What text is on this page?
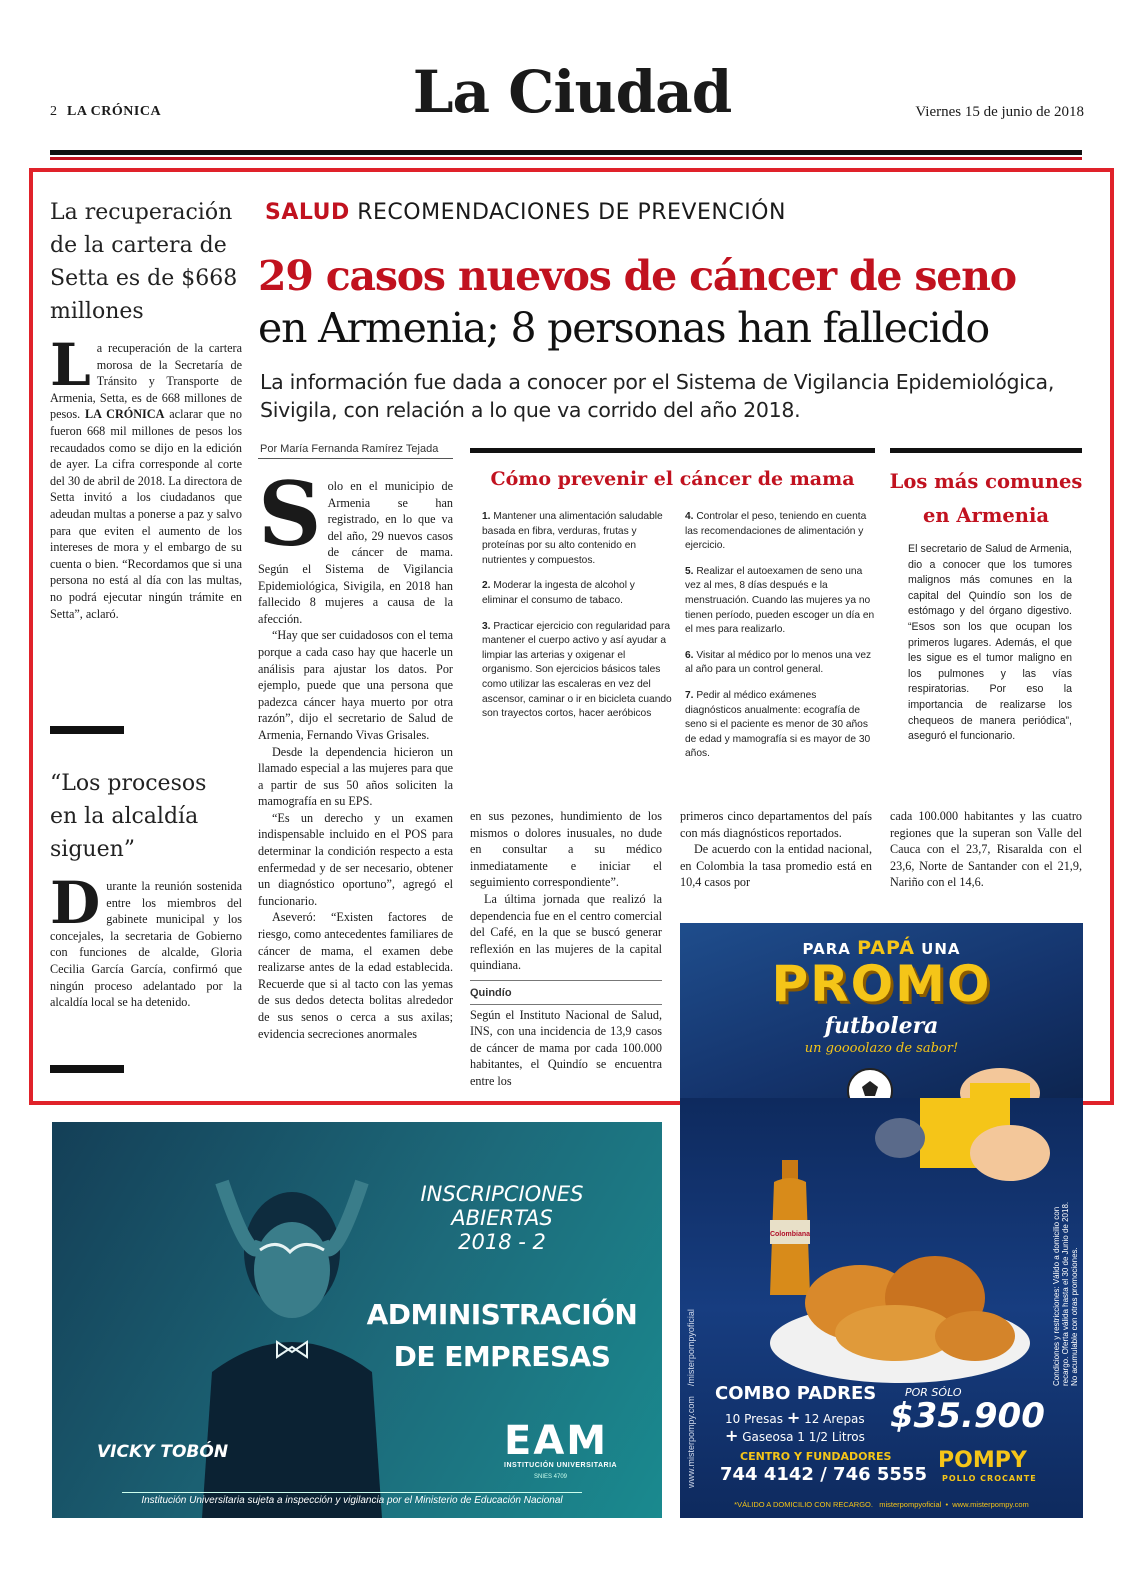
2 LA CRÓNICA	La Ciudad	Viernes 15 de junio de 2018
La recuperación de la cartera de Setta es de $668 millones
La recuperación de la cartera morosa de la Secretaría de Tránsito y Transporte de Armenia, Setta, es de 668 millones de pesos. LA CRÓNICA aclarar que no fueron 668 mil millones de pesos los recaudados como se dijo en la edición de ayer. La cifra corresponde al corte del 30 de abril de 2018. La directora de Setta invitó a los ciudadanos que adeudan multas a ponerse a paz y salvo para que eviten el aumento de los intereses de mora y el embargo de su cuenta o bien. “Recordamos que si una persona no está al día con las multas, no podrá ejecutar ningún trámite en Setta”, aclaró.
“Los procesos en la alcaldía siguen”
Durante la reunión sostenida entre los miembros del gabinete municipal y los concejales, la secretaria de Gobierno con funciones de alcalde, Gloria Cecilia García García, confirmó que ningún proceso adelantado por la alcaldía local se ha detenido.
SALUD RECOMENDACIONES DE PREVENCIÓN
29 casos nuevos de cáncer de seno
en Armenia; 8 personas han fallecido
La información fue dada a conocer por el Sistema de Vigilancia Epidemiológica, Sivigila, con relación a lo que va corrido del año 2018.
Por María Fernanda Ramírez Tejada
Solo en el municipio de Armenia se han registrado, en lo que va del año, 29 nuevos casos de cáncer de mama. Según el Sistema de Vigilancia Epidemiológica, Sivigila, en 2018 han fallecido 8 mujeres a causa de la afección.
“Hay que ser cuidadosos con el tema porque a cada caso hay que hacerle un análisis para ajustar los datos. Por ejemplo, puede que una persona que padezca cáncer haya muerto por otra razón”, dijo el secretario de Salud de Armenia, Fernando Vivas Grisales.
Desde la dependencia hicieron un llamado especial a las mujeres para que a partir de sus 50 años soliciten la mamografía en su EPS.
“Es un derecho y un examen indispensable incluido en el POS para determinar la condición respecto a esta enfermedad y de ser necesario, obtener un diagnóstico oportuno”, agregó el funcionario.
Aseveró: “Existen factores de riesgo, como antecedentes familiares de cáncer de mama, el examen debe realizarse antes de la edad establecida. Recuerde que si al tacto con las yemas de sus dedos detecta bolitas alrededor de sus senos o cerca a sus axilas; evidencia secreciones anormales
Cómo prevenir el cáncer de mama

1. Mantener una alimentación saludable basada en fibra, verduras, frutas y proteínas por su alto contenido en nutrientes y compuestos.

2. Moderar la ingesta de alcohol y eliminar el consumo de tabaco.

3. Practicar ejercicio con regularidad para mantener el cuerpo activo y así ayudar a limpiar las arterias y oxigenar el organismo. Son ejercicios básicos tales como utilizar las escaleras en vez del ascensor, caminar o ir en bicicleta cuando son trayectos cortos, hacer aeróbicos

4. Controlar el peso, teniendo en cuenta las recomendaciones de alimentación y ejercicio.

5. Realizar el autoexamen de seno una vez al mes, 8 días después e la menstruación. Cuando las mujeres ya no tienen período, pueden escoger un día en el mes para realizarlo.

6. Visitar al médico por lo menos una vez al año para un control general.

7. Pedir al médico exámenes diagnósticos anualmente: ecografía de seno si el paciente es menor de 30 años de edad y mamografía si es mayor de 30 años.

Los más comunes en Armenia
El secretario de Salud de Armenia, dio a conocer que los tumores malignos más comunes en la capital del Quindío son los de estómago y del órgano digestivo. “Esos son los que ocupan los primeros lugares. Además, el que les sigue es el tumor maligno en los pulmones y las vías respiratorias. Por eso la importancia de realizarse los chequeos de manera periódica”, aseguró el funcionario.
en sus pezones, hundimiento de los mismos o dolores inusuales, no dude en consultar a su médico inmediatamente e iniciar el seguimiento correspondiente”.
La última jornada que realizó la dependencia fue en el centro comercial del Café, en la que se buscó generar reflexión en las mujeres de la capital quindiana.
Quindío
Según el Instituto Nacional de Salud, INS, con una incidencia de 13,9 casos de cáncer de mama por cada 100.000 habitantes, el Quindío se encuentra entre los
primeros cinco departamentos del país con más diagnósticos reportados.
De acuerdo con la entidad nacional, en Colombia la tasa promedio está en 10,4 casos por
cada 100.000 habitantes y las cuatro regiones que la superan son Valle del Cauca con el 23,7, Risaralda con el 23,6, Norte de Santander con el 21,9, Nariño con el 14,6.
PARA PAPÁ UNA
PROMO
futbolera
un goooolazo de sabor!
www.misterpompy.com    /misterpompyoficial	Condiciones y restricciones: Válido a domicilio con recargo. Oferta válida hasta el 30 de Junio de 2018. No acumulable con otras promociones.
Colombiana
COMBO PADRES
10 Presas + 12 Arepas
+ Gaseosa 1 1/2 Litros
POR SÓLO
$35.900
CENTRO Y FUNDADORES
744 4142 / 746 5555
POMPY
POLLO CROCANTE
*VÁLIDO A DOMICILIO CON RECARGO.   misterpompyoficial  •  www.misterpompy.com
INSCRIPCIONES
ABIERTAS
2018 - 2
ADMINISTRACIÓN
DE EMPRESAS
VICKY TOBÓN	EAM
INSTITUCIÓN UNIVERSITARIA
SNIES 4709
Institución Universitaria sujeta a inspección y vigilancia por el Ministerio de Educación Nacional
